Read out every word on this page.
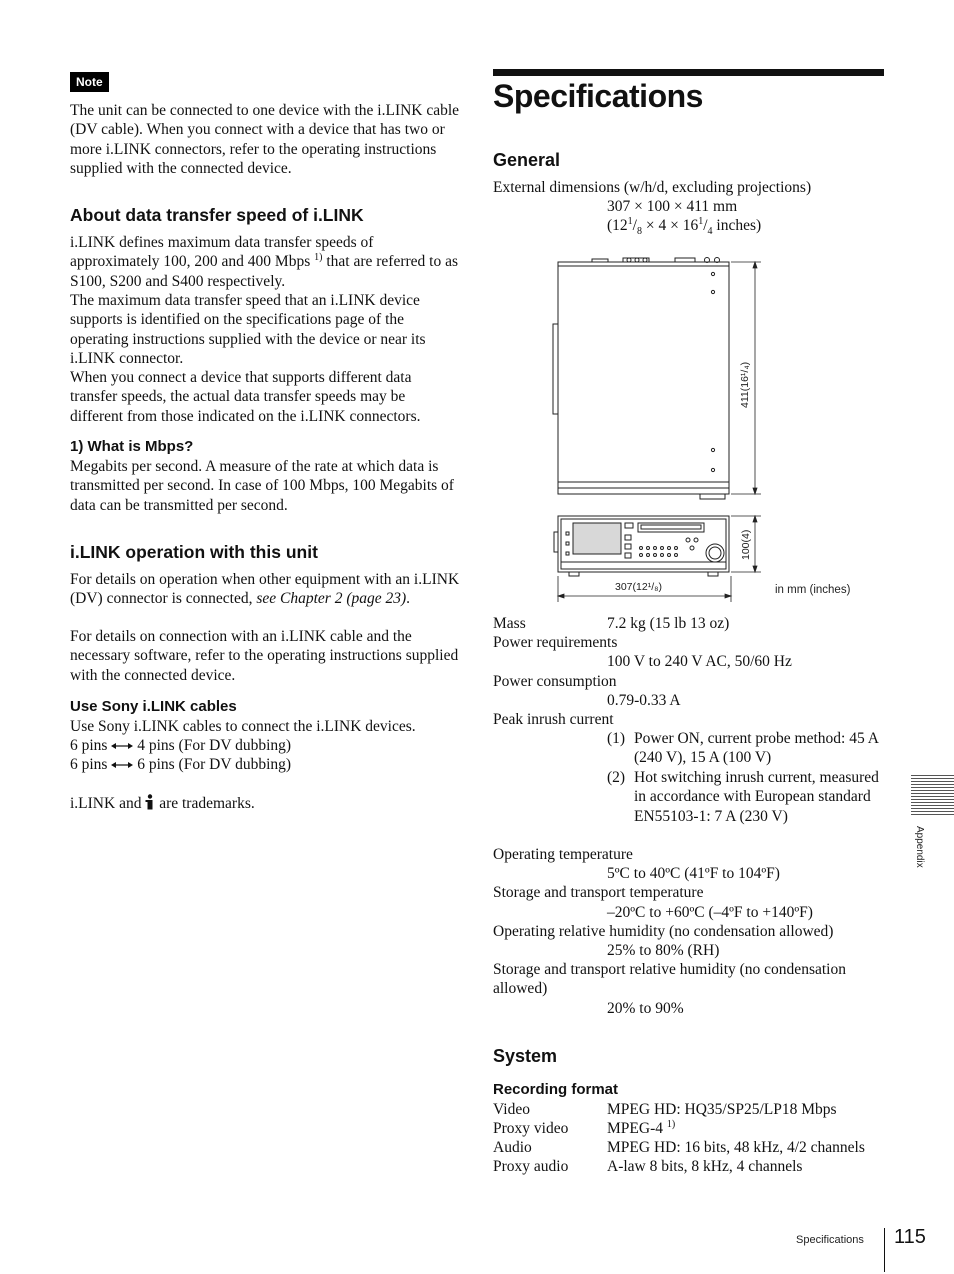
Note

The unit can be connected to one device with the i.LINK cable (DV cable). When you connect with a device that has two or more i.LINK connectors, refer to the operating instructions supplied with the connected device.

About data transfer speed of i.LINK

i.LINK defines maximum data transfer speeds of approximately 100, 200 and 400 Mbps $^{1)}$ that are referred to as S100, S200 and S400 respectively.

The maximum data transfer speed that an i.LINK device supports is identified on the specifications page of the operating instructions supplied with the device or near its i.LINK connector.

When you connect a device that supports different data transfer speeds, the actual data transfer speeds may be different from those indicated on the i.LINK connectors.

1) What is Mbps?

Megabits per second. A measure of the rate at which data is transmitted per second. In case of 100 Mbps, 100 Megabits of data can be transmitted per second.

i.LINK operation with this unit

For details on operation when other equipment with an i.LINK (DV) connector is connected, see Chapter 2 (page 23).

For details on connection with an i.LINK cable and the necessary software, refer to the operating instructions supplied with the connected device.

Use Sony i.LINK cables

Use Sony i.LINK cables to connect the i.LINK devices.

6 pins 4 pins (For DV dubbing)

6 pins 6 pins (For DV dubbing)

i.LINK and are trademarks.

Specifications
General

External dimensions (w/h/d, excluding projections)

307 × 100 × 411 mm

($12^1/_8 \times 4 \times 16^1/_4$ inches)

411(16¹/₄)
100(4)
307(12¹/₈)	in mm (inches)

Mass	7.2 kg (15 lb 13 oz)

Power requirements

100 V to 240 V AC, 50/60 Hz

Power consumption

0.79-0.33 A

Peak inrush current

(1) Power ON, current probe method: 45 A (240 V), 15 A (100 V)

(2) Hot switching inrush current, measured in accordance with European standard EN55103-1: 7 A (230 V)

Operating temperature

5ºC to 40ºC (41ºF to 104ºF)

Storage and transport temperature

–20ºC to +60ºC (–4ºF to +140ºF)

Operating relative humidity (no condensation allowed)

25% to 80% (RH)

Storage and transport relative humidity (no condensation allowed)

20% to 90%

System
Recording format

Video	MPEG HD: HQ35/SP25/LP18 Mbps

Proxy video	MPEG-4 $^{1)}$

Audio	MPEG HD: 16 bits, 48 kHz, 4/2 channels

Proxy audio	A-law 8 bits, 8 kHz, 4 channels

Appendix
Specifications 115
